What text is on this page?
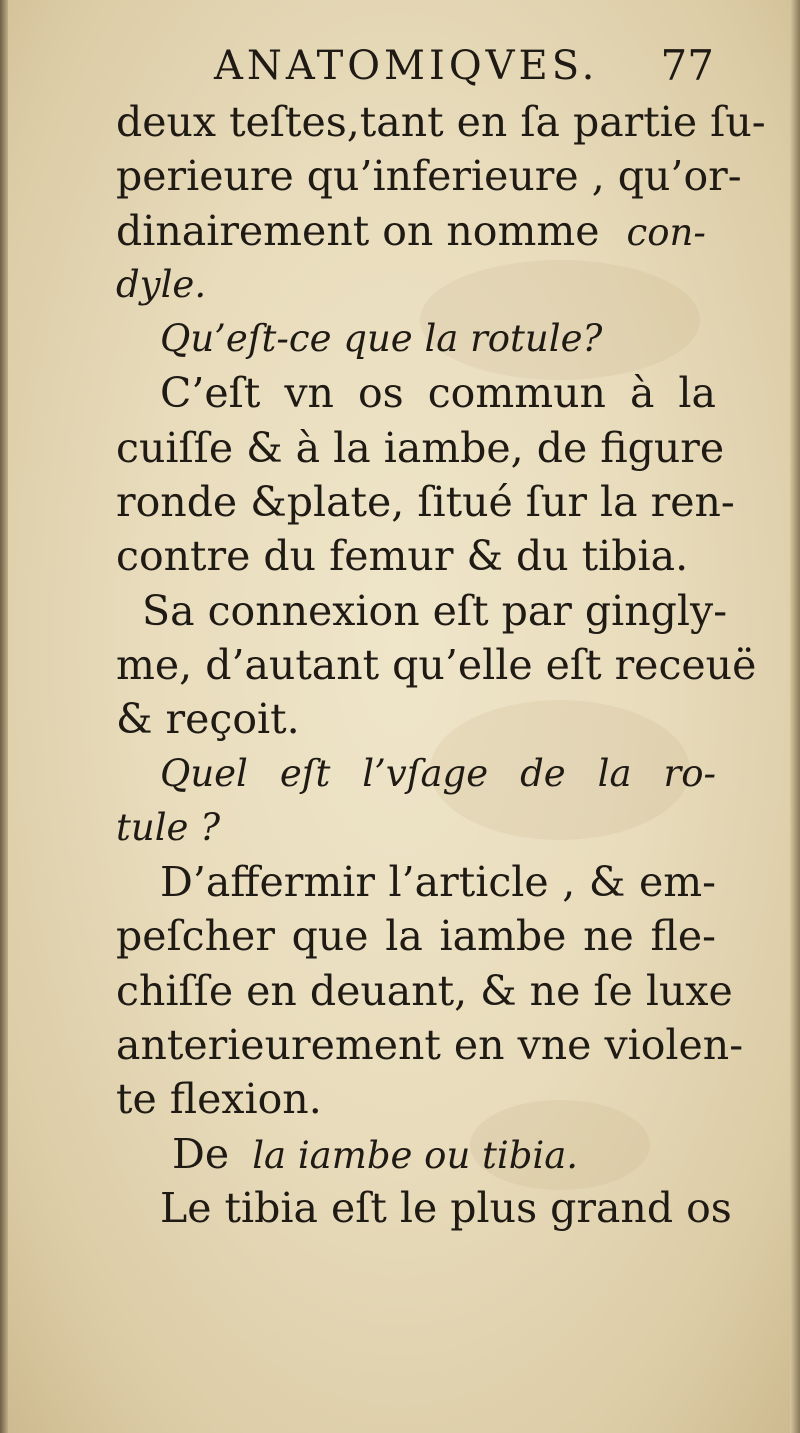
ANATOMIQVES. 77
deux teſtes,tant en ſa partie ſu-
perieure qu’inferieure , qu’or-
dinairement on nomme con-
dyle.
Qu’eſt-ce que la rotule?
C’eſt vn os commun à la
cuiſſe & à la iambe, de figure
ronde &plate, ſitué ſur la ren-
contre du femur & du tibia.
Sa connexion eſt par gingly-
me, d’autant qu’elle eſt receuë
& reçoit.
Quel eſt l’vſage de la ro-
tule ?
D’affermir l’article , & em-
peſcher que la iambe ne fle-
chiſſe en deuant, & ne ſe luxe
anterieurement en vne violen-
te flexion.
De la iambe ou tibia.
Le tibia eſt le plus grand os
